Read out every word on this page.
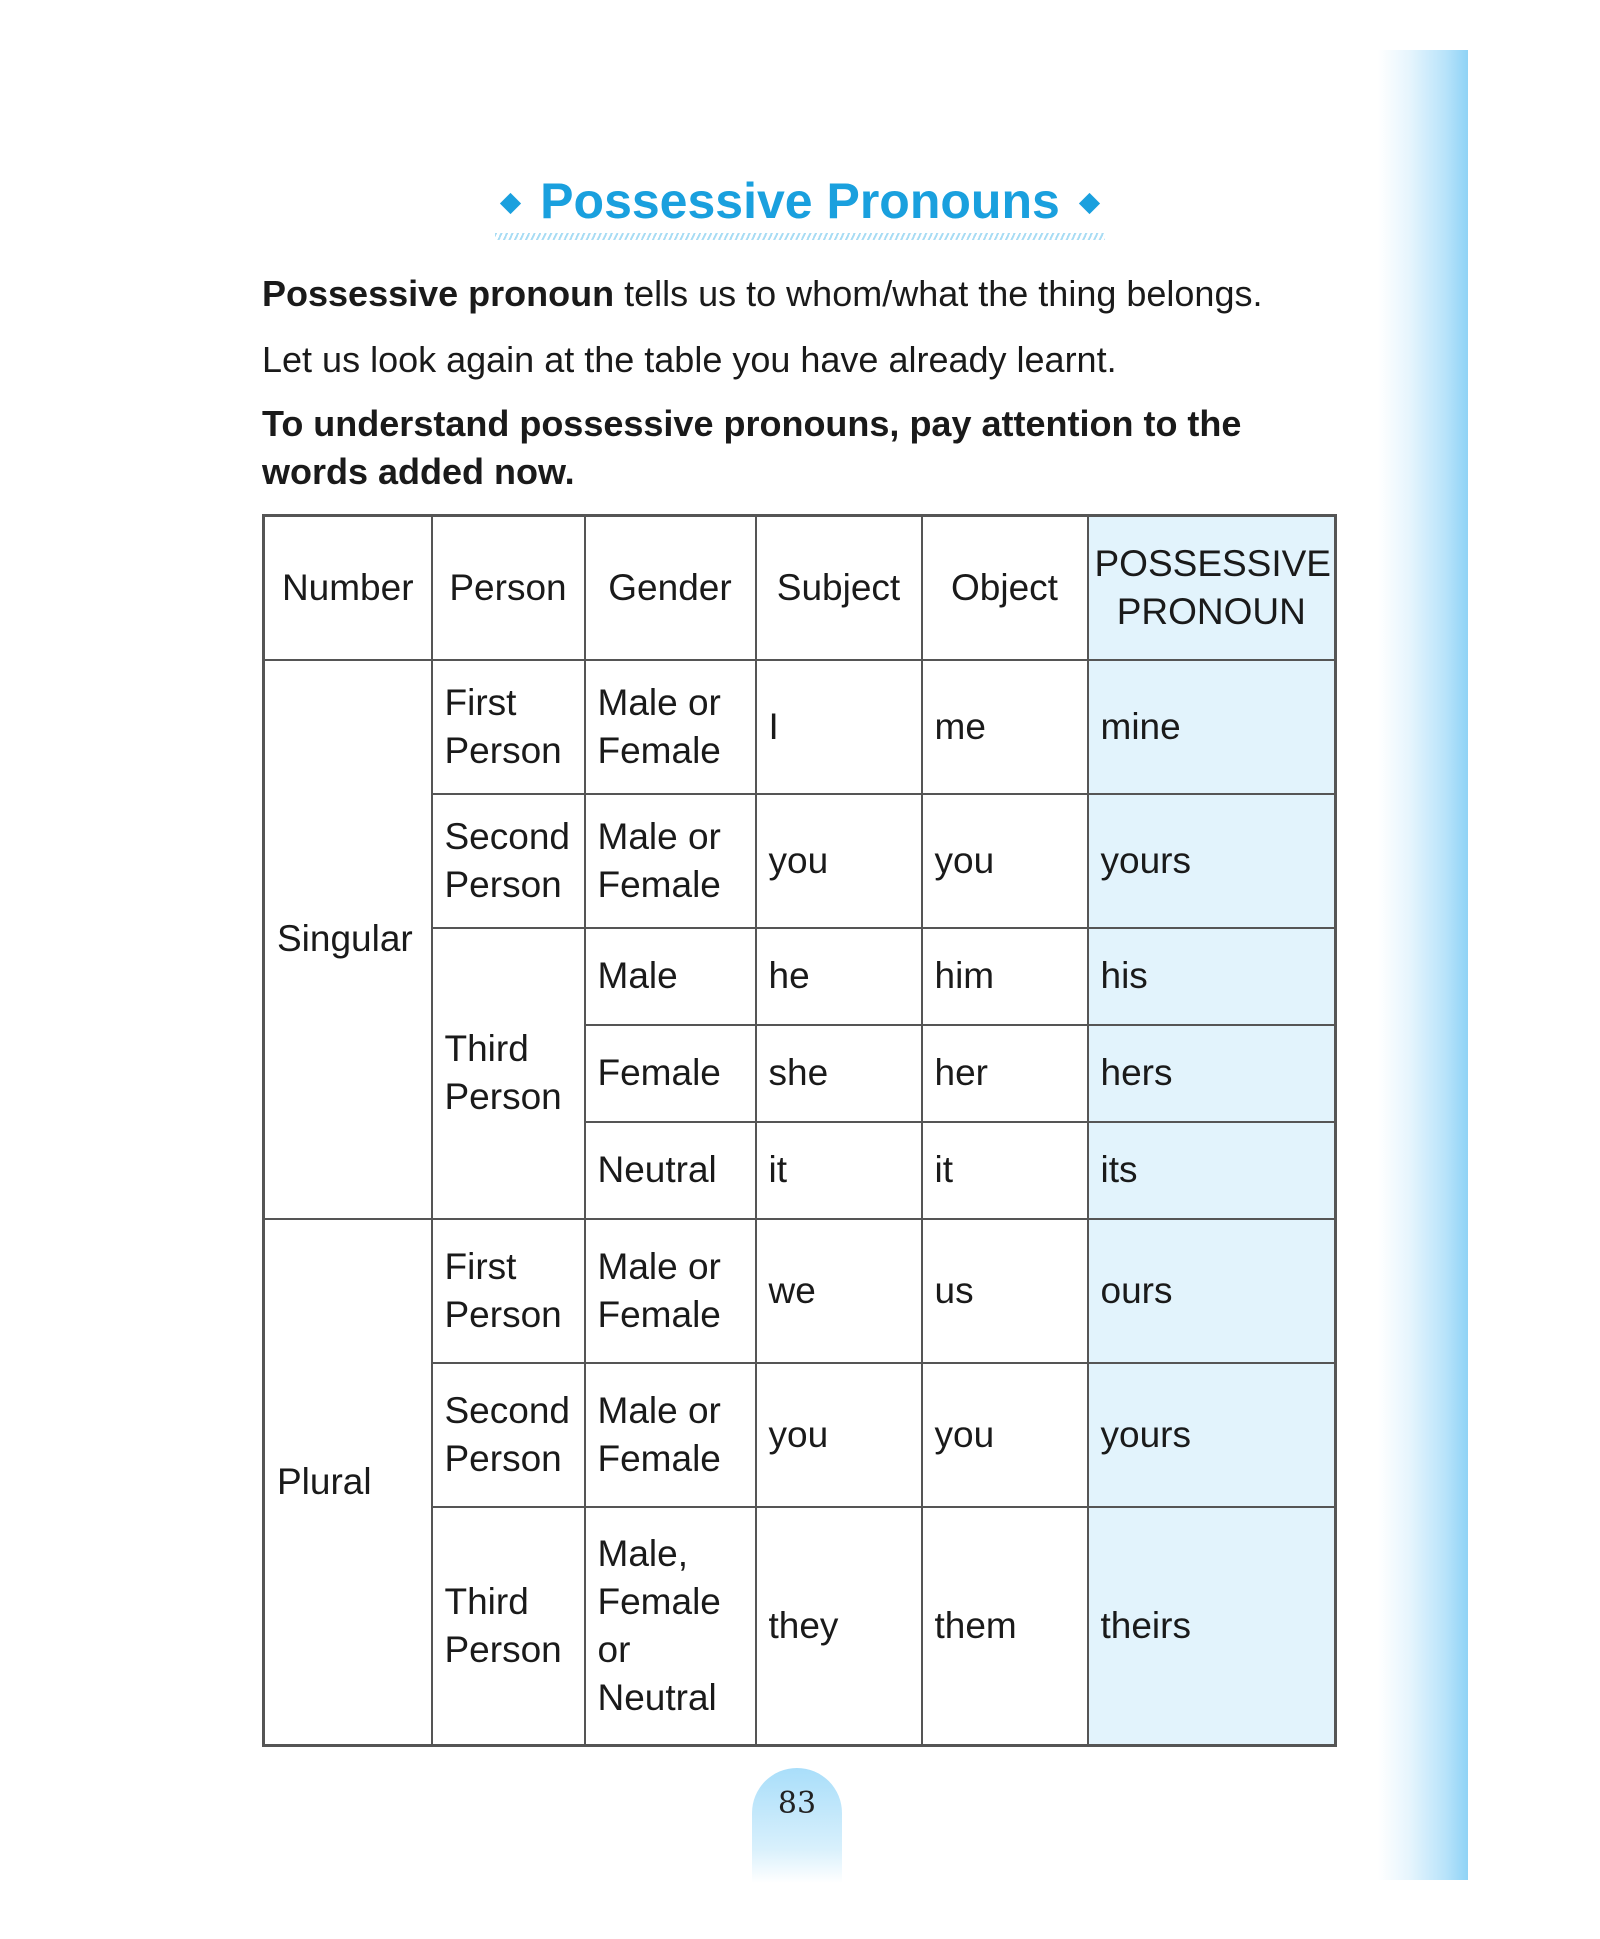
Possessive Pronouns

Possessive pronoun tells us to whom/what the thing belongs.

Let us look again at the table you have already learnt.

To understand possessive pronouns, pay attention to the words added now.

Number	Person	Gender	Subject	Object	POSSESSIVE PRONOUN
Singular	First Person	Male or Female	I	me	mine
	Second Person	Male or Female	you	you	yours
	Third Person	Male	he	him	his
		Female	she	her	hers
		Neutral	it	it	its
Plural	First Person	Male or Female	we	us	ours
	Second Person	Male or Female	you	you	yours
	Third Person	Male, Female or Neutral	they	them	theirs
83
